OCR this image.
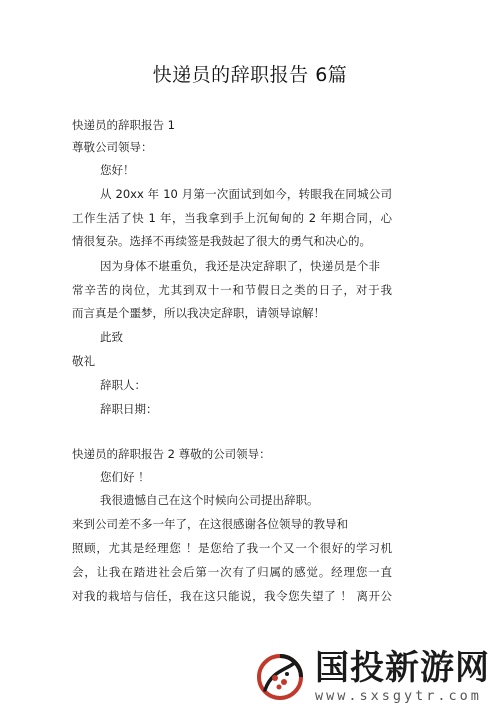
快递员的辞职报告 6篇
快递员的辞职报告 1
尊敬公司领导：
您好！
从 20xx 年 10 月第一次面试到如今，转眼我在同城公司
工作生活了快 1 年，当我拿到手上沉甸甸的 2 年期合同，心
情很复杂。选择不再续签是我鼓起了很大的勇气和决心的。
因为身体不堪重负，我还是决定辞职了，快递员是个非
常辛苦的岗位，尤其到双十一和节假日之类的日子，对于我
而言真是个噩梦，所以我决定辞职，请领导谅解！
此致
敬礼
辞职人：
辞职日期：
快递员的辞职报告 2 尊敬的公司领导：
您们好 ！
我很遗憾自己在这个时候向公司提出辞职。
来到公司差不多一年了，在这很感谢各位领导的教导和
照顾，尤其是经理您 ！是您给了我一个又一个很好的学习机
会，让我在踏进社会后第一次有了归属的感觉。经理您一直
对我的栽培与信任，我在这只能说，我令您失望了 ！ 离开公
国投新游网
www.sxsgytr.com
